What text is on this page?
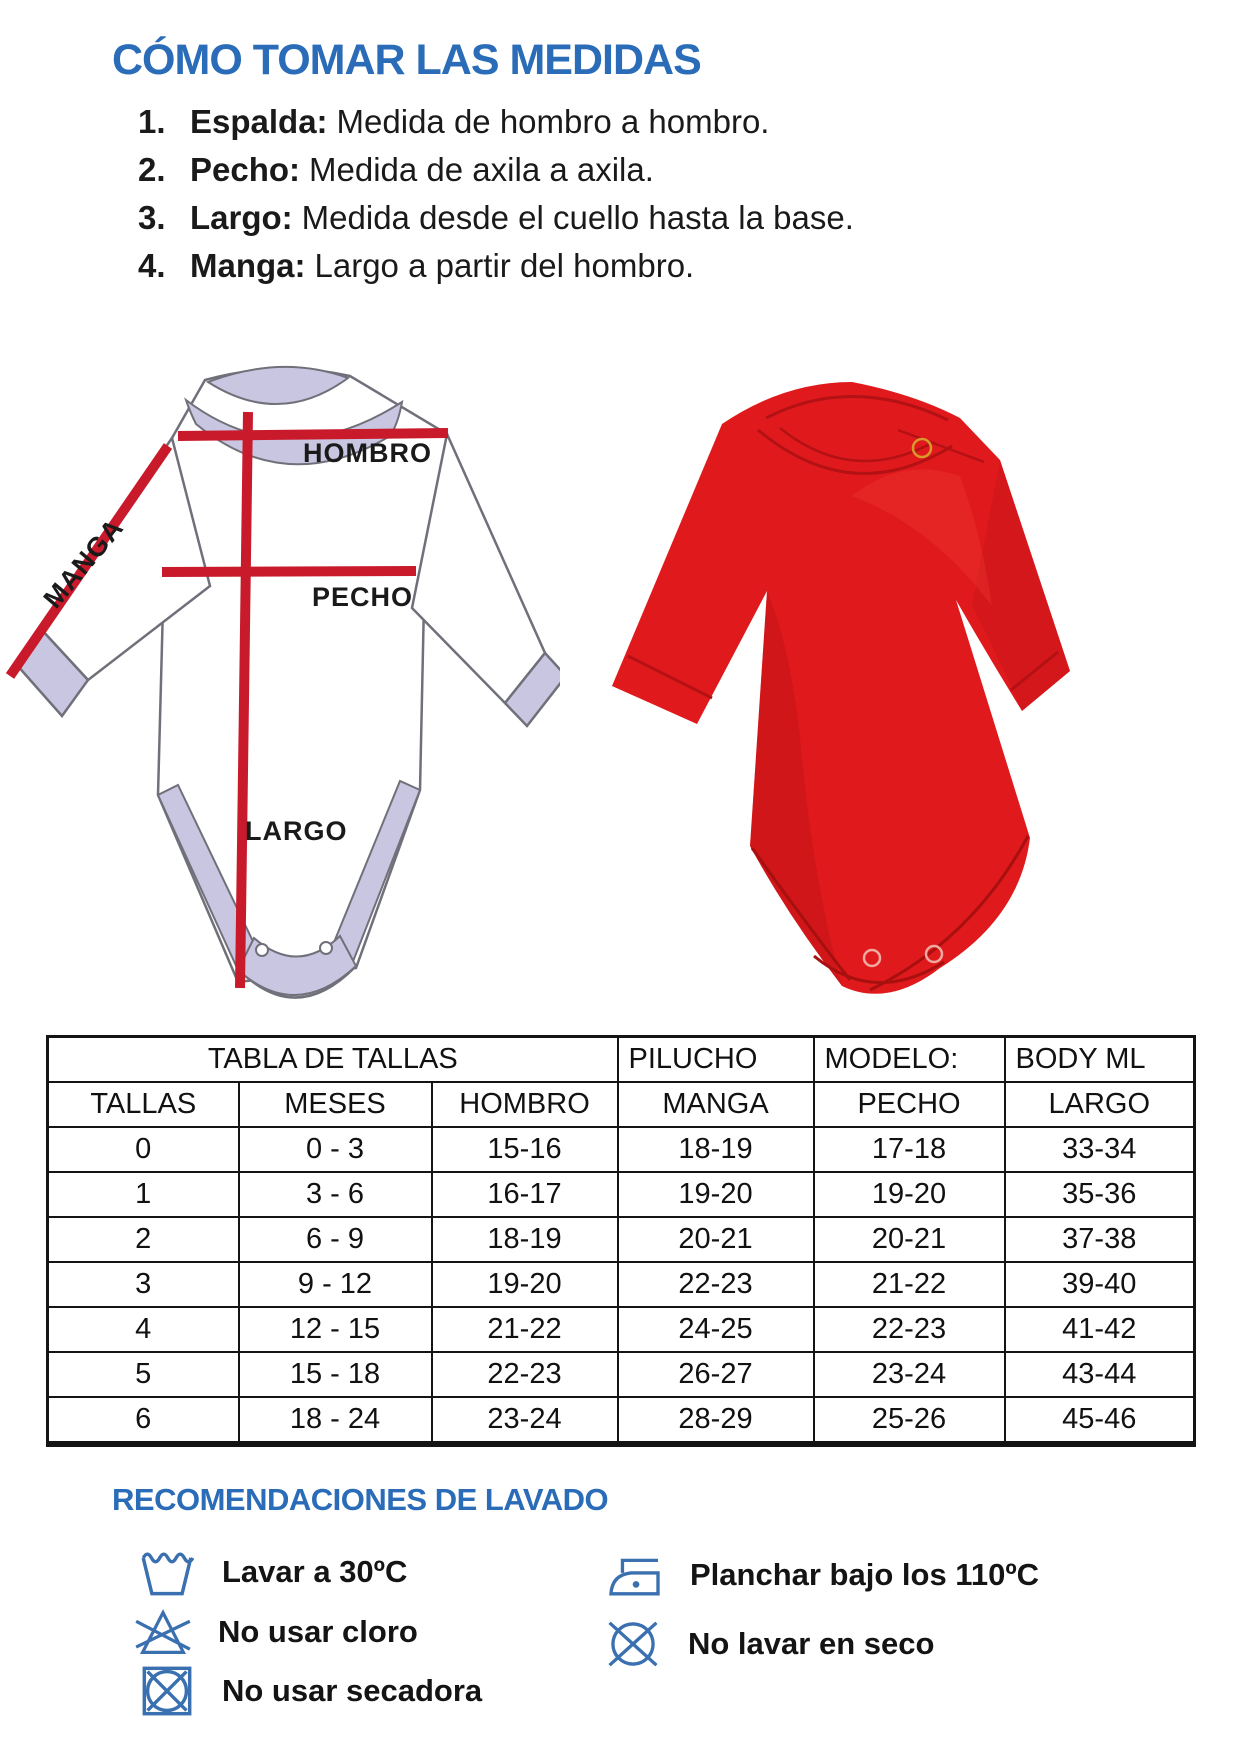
CÓMO TOMAR LAS MEDIDAS
1. Espalda: Medida de hombro a hombro.
2. Pecho: Medida de axila a axila.
3. Largo: Medida desde el cuello hasta la base.
4. Manga: Largo a partir del hombro.
HOMBRO
PECHO
LARGO
MANGA
TABLA DE TALLAS			PILUCHO	MODELO:	BODY ML
TALLAS	MESES	HOMBRO	MANGA	PECHO	LARGO
0	0 - 3	15-16	18-19	17-18	33-34
1	3 - 6	16-17	19-20	19-20	35-36
2	6 - 9	18-19	20-21	20-21	37-38
3	9 - 12	19-20	22-23	21-22	39-40
4	12 - 15	21-22	24-25	22-23	41-42
5	15 - 18	22-23	26-27	23-24	43-44
6	18 - 24	23-24	28-29	25-26	45-46
RECOMENDACIONES DE LAVADO
Lavar a 30ºC
No usar cloro
No usar secadora
Planchar bajo los 110ºC
No lavar en seco
